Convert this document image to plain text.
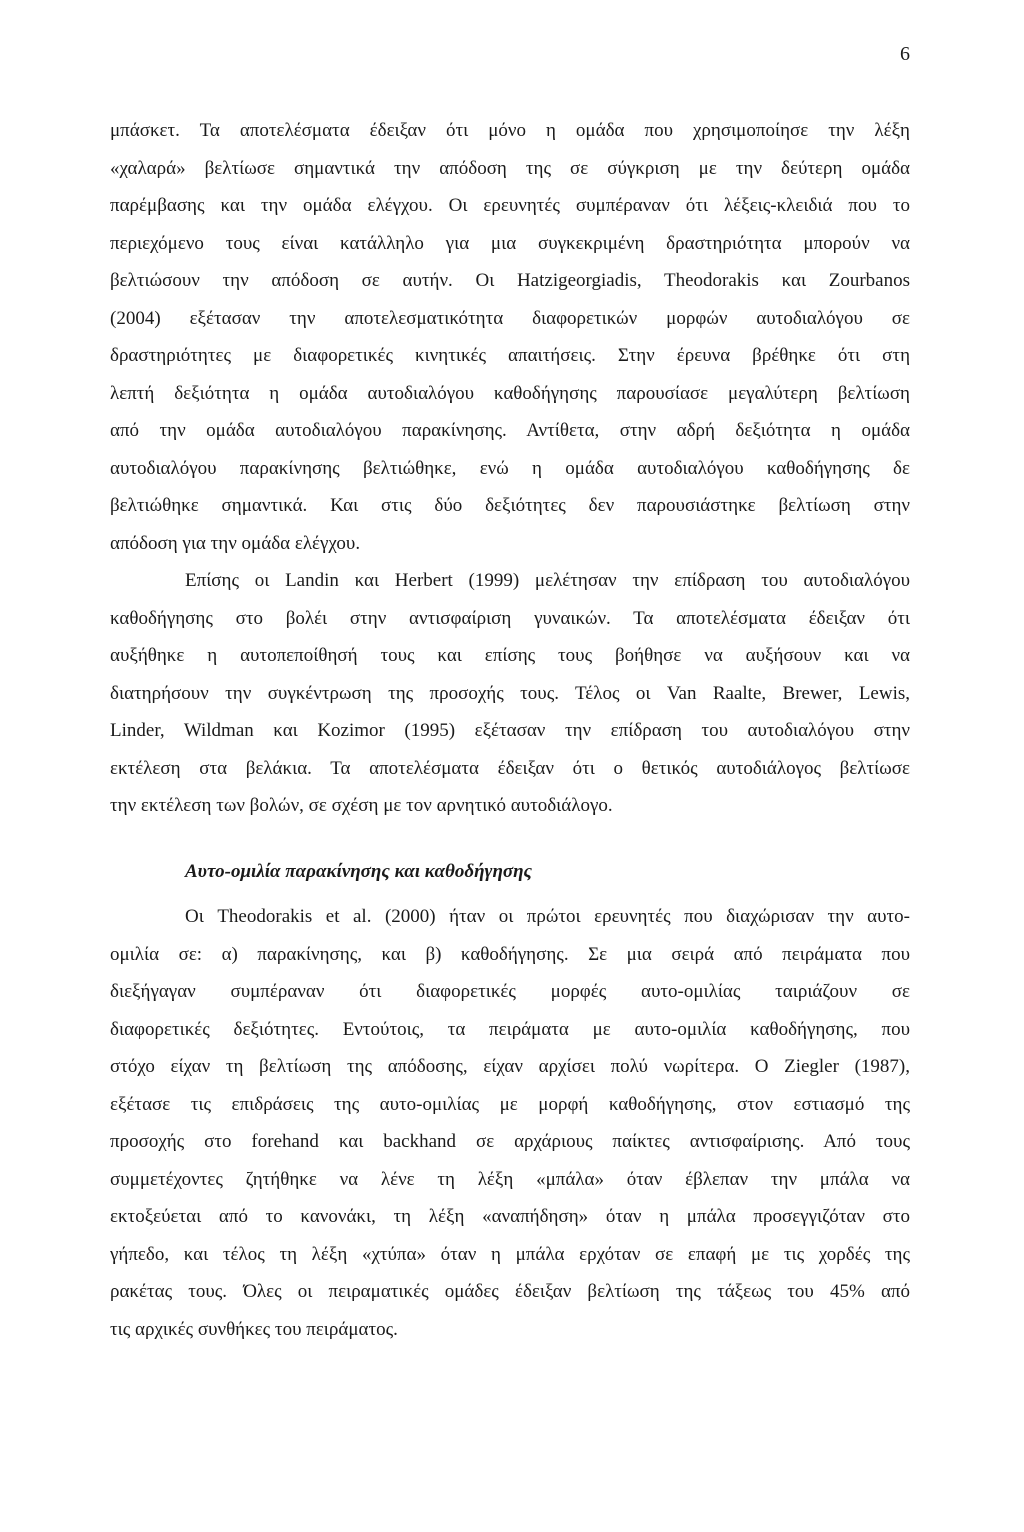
6
μπάσκετ. Τα αποτελέσματα έδειξαν ότι μόνο η ομάδα που χρησιμοποίησε την λέξη
«χαλαρά» βελτίωσε σημαντικά την απόδοση της σε σύγκριση με την δεύτερη ομάδα
παρέμβασης και την ομάδα ελέγχου. Οι ερευνητές συμπέραναν ότι λέξεις-κλειδιά που το
περιεχόμενο τους είναι κατάλληλο για μια συγκεκριμένη δραστηριότητα μπορούν να
βελτιώσουν την απόδοση σε αυτήν. Οι Hatzigeorgiadis, Theodorakis και Zourbanos
(2004) εξέτασαν την αποτελεσματικότητα διαφορετικών μορφών αυτοδιαλόγου σε
δραστηριότητες με διαφορετικές κινητικές απαιτήσεις. Στην έρευνα βρέθηκε ότι στη
λεπτή δεξιότητα η ομάδα αυτοδιαλόγου καθοδήγησης παρουσίασε μεγαλύτερη βελτίωση
από την ομάδα αυτοδιαλόγου παρακίνησης. Αντίθετα, στην αδρή δεξιότητα η ομάδα
αυτοδιαλόγου παρακίνησης βελτιώθηκε, ενώ η ομάδα αυτοδιαλόγου καθοδήγησης δε
βελτιώθηκε σημαντικά. Και στις δύο δεξιότητες δεν παρουσιάστηκε βελτίωση στην
απόδοση για την ομάδα ελέγχου.
Επίσης οι Landin και Herbert (1999) μελέτησαν την επίδραση του αυτοδιαλόγου
καθοδήγησης στο βολέι στην αντισφαίριση γυναικών. Τα αποτελέσματα έδειξαν ότι
αυξήθηκε η αυτοπεποίθησή τους και επίσης τους βοήθησε να αυξήσουν και να
διατηρήσουν την συγκέντρωση της προσοχής τους. Τέλος οι Van Raalte, Brewer, Lewis,
Linder, Wildman και Kozimor (1995) εξέτασαν την επίδραση του αυτοδιαλόγου στην
εκτέλεση στα βελάκια. Τα αποτελέσματα έδειξαν ότι ο θετικός αυτοδιάλογος βελτίωσε
την εκτέλεση των βολών, σε σχέση με τον αρνητικό αυτοδιάλογο.
Αυτο-ομιλία παρακίνησης και καθοδήγησης
Οι Theodorakis et al. (2000) ήταν οι πρώτοι ερευνητές που διαχώρισαν την αυτο-
ομιλία σε: α) παρακίνησης, και β) καθοδήγησης. Σε μια σειρά από πειράματα που
διεξήγαγαν συμπέραναν ότι διαφορετικές μορφές αυτο-ομιλίας ταιριάζουν σε
διαφορετικές δεξιότητες. Εντούτοις, τα πειράματα με αυτο-ομιλία καθοδήγησης, που
στόχο είχαν τη βελτίωση της απόδοσης, είχαν αρχίσει πολύ νωρίτερα. Ο Ziegler (1987),
εξέτασε τις επιδράσεις της αυτο-ομιλίας με μορφή καθοδήγησης, στον εστιασμό της
προσοχής στο forehand και backhand σε αρχάριους παίκτες αντισφαίρισης. Από τους
συμμετέχοντες ζητήθηκε να λένε τη λέξη «μπάλα» όταν έβλεπαν την μπάλα να
εκτοξεύεται από το κανονάκι, τη λέξη «αναπήδηση» όταν η μπάλα προσεγγιζόταν στο
γήπεδο, και τέλος τη λέξη «χτύπα» όταν η μπάλα ερχόταν σε επαφή με τις χορδές της
ρακέτας τους. Όλες οι πειραματικές ομάδες έδειξαν βελτίωση της τάξεως του 45% από
τις αρχικές συνθήκες του πειράματος.
